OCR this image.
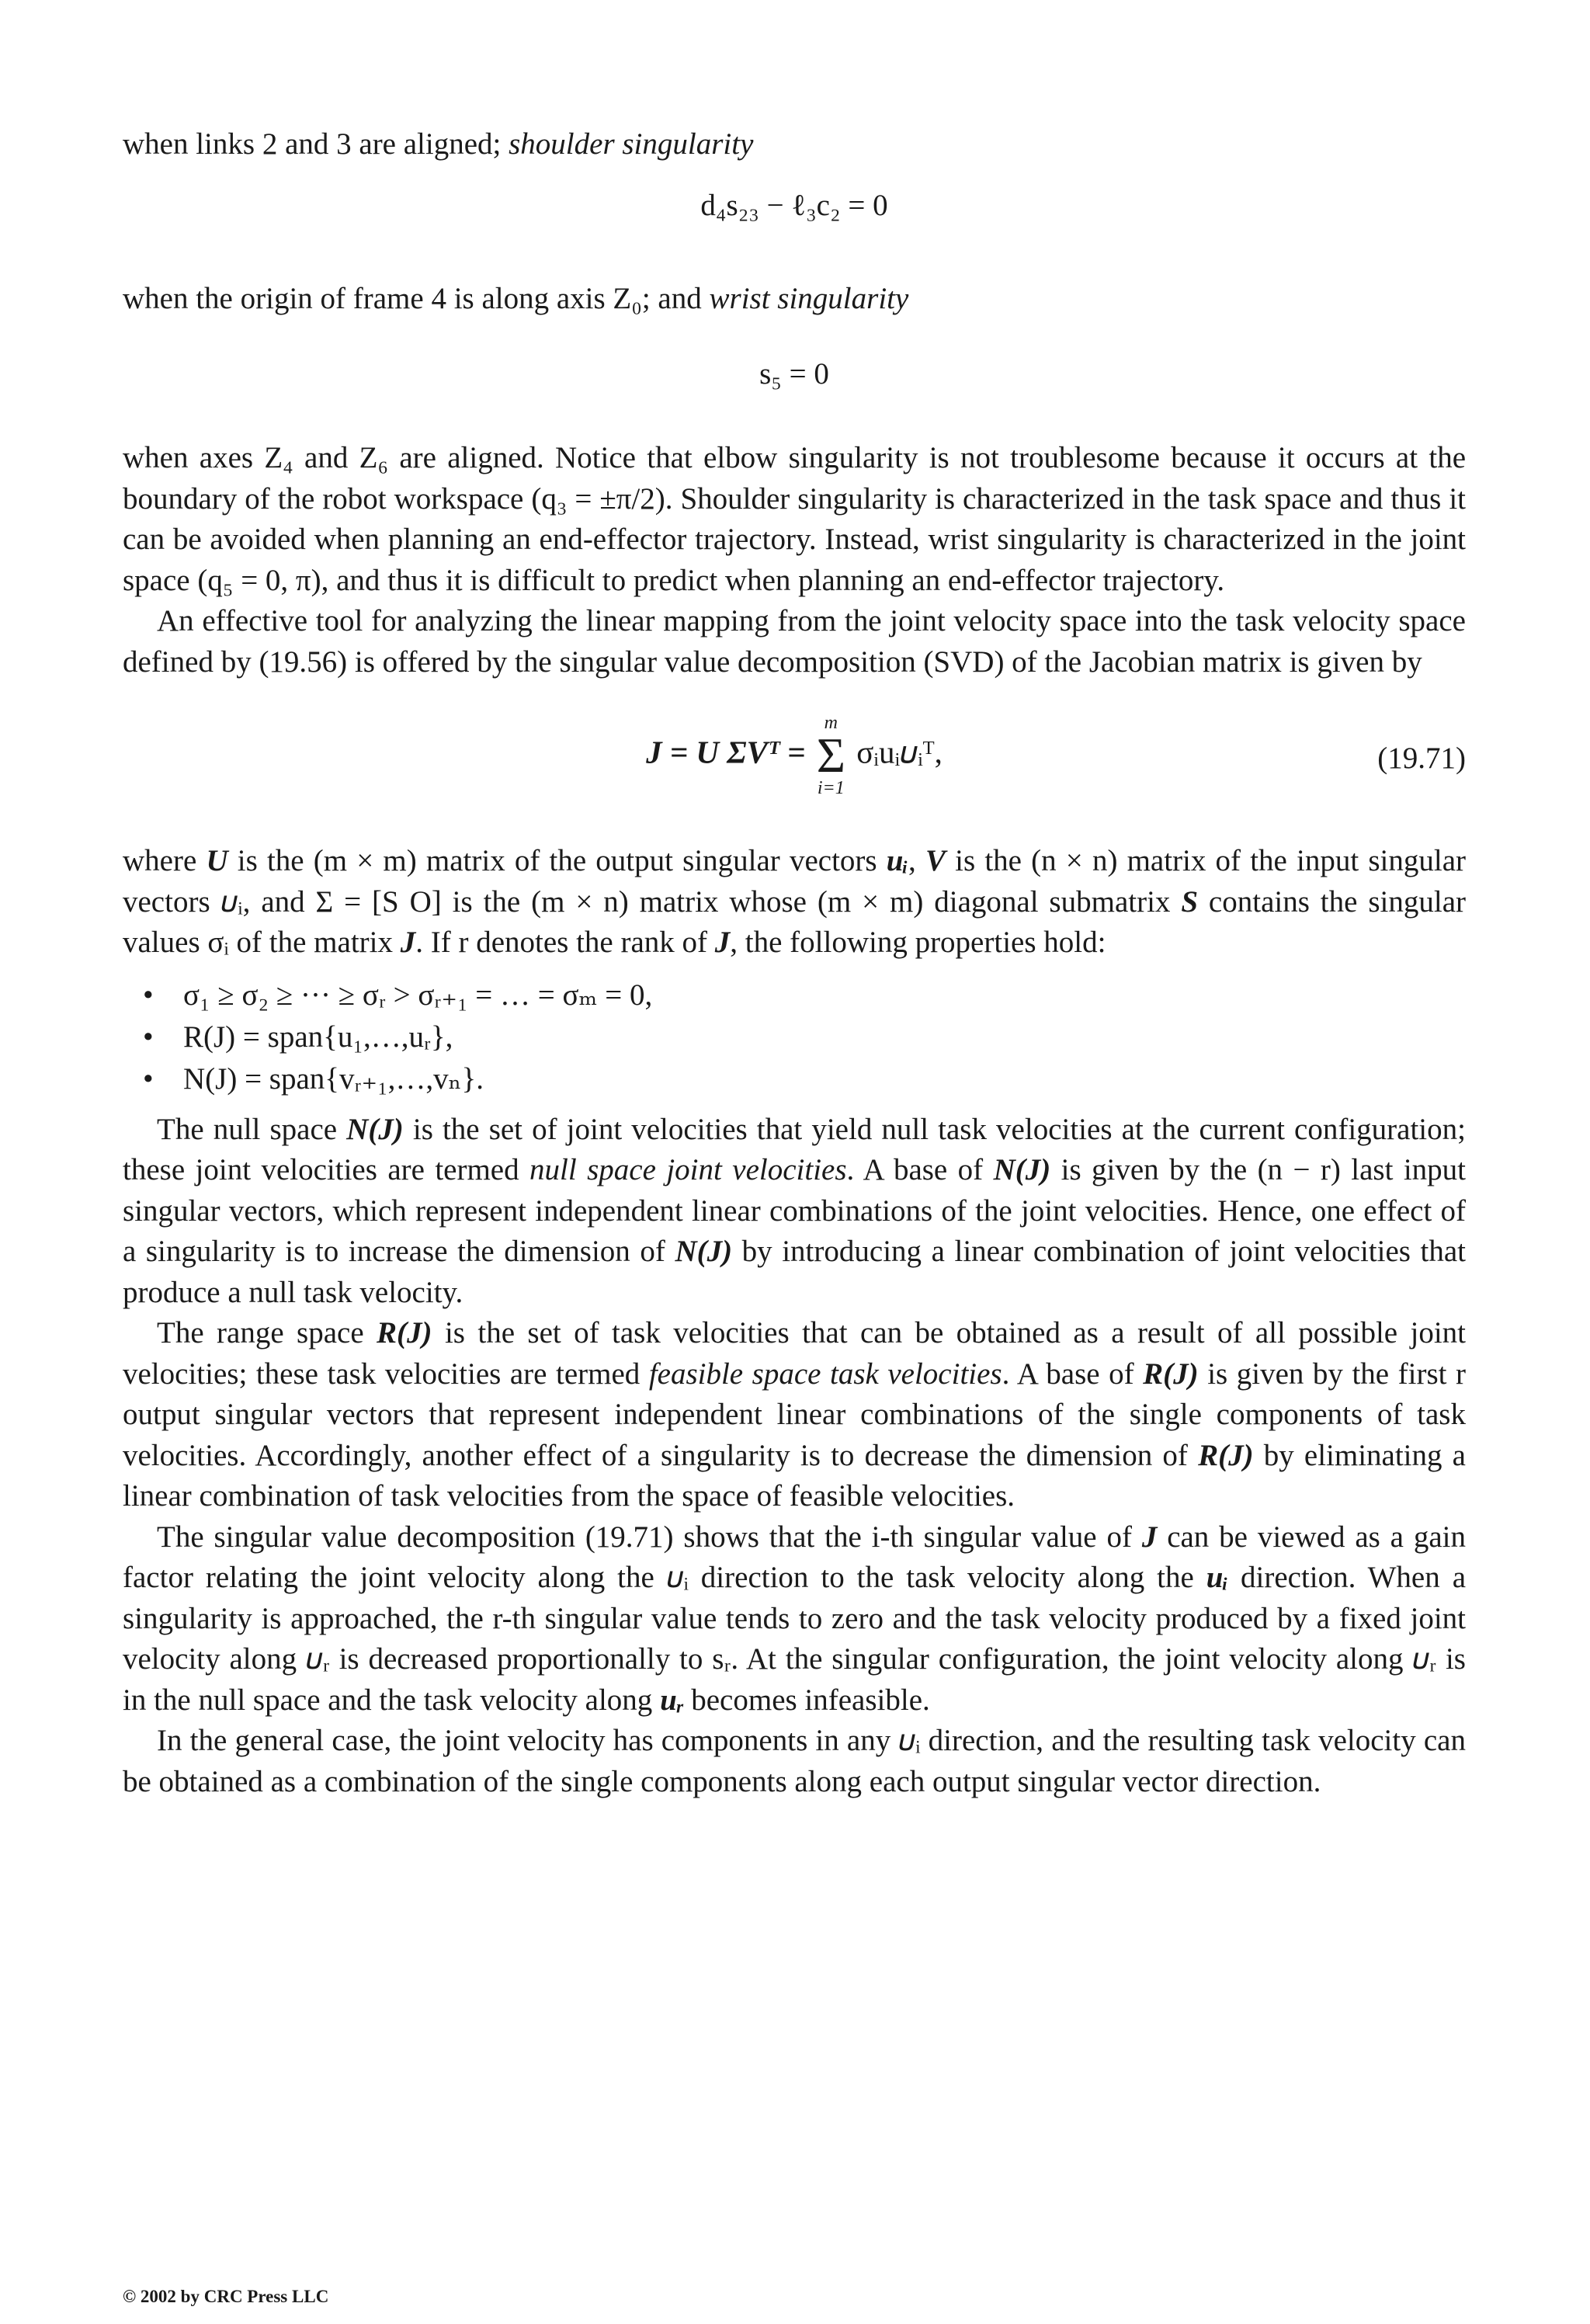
when links 2 and 3 are aligned; shoulder singularity

d₄s₂₃ − ℓ₃c₂ = 0

when the origin of frame 4 is along axis Z₀; and wrist singularity

s₅ = 0

when axes Z₄ and Z₆ are aligned. Notice that elbow singularity is not troublesome because it occurs at the boundary of the robot workspace (q₃ = ±π/2). Shoulder singularity is characterized in the task space and thus it can be avoided when planning an end-effector trajectory. Instead, wrist singularity is characterized in the joint space (q₅ = 0, π), and thus it is difficult to predict when planning an end-effector trajectory.

An effective tool for analyzing the linear mapping from the joint velocity space into the task velocity space defined by (19.56) is offered by the singular value decomposition (SVD) of the Jacobian matrix is given by

J = U ΣVᵀ =
m
Σ
i=1
σᵢuᵢ𝜐ᵢᵀ,	(19.71)

where U is the (m × m) matrix of the output singular vectors uᵢ, V is the (n × n) matrix of the input singular vectors 𝜐ᵢ, and Σ = [S O] is the (m × n) matrix whose (m × m) diagonal submatrix S contains the singular values σᵢ of the matrix J. If r denotes the rank of J, the following properties hold:

• σ₁ ≥ σ₂ ≥ ··· ≥ σᵣ > σᵣ₊₁ = … = σₘ = 0,
• R(J) = span{u₁,…,uᵣ},
• N(J) = span{vᵣ₊₁,…,vₙ}.

The null space N(J) is the set of joint velocities that yield null task velocities at the current configuration; these joint velocities are termed null space joint velocities. A base of N(J) is given by the (n − r) last input singular vectors, which represent independent linear combinations of the joint velocities. Hence, one effect of a singularity is to increase the dimension of N(J) by introducing a linear combination of joint velocities that produce a null task velocity.

The range space R(J) is the set of task velocities that can be obtained as a result of all possible joint velocities; these task velocities are termed feasible space task velocities. A base of R(J) is given by the first r output singular vectors that represent independent linear combinations of the single components of task velocities. Accordingly, another effect of a singularity is to decrease the dimension of R(J) by eliminating a linear combination of task velocities from the space of feasible velocities.

The singular value decomposition (19.71) shows that the i-th singular value of J can be viewed as a gain factor relating the joint velocity along the 𝜐ᵢ direction to the task velocity along the uᵢ direction. When a singularity is approached, the r-th singular value tends to zero and the task velocity produced by a fixed joint velocity along 𝜐ᵣ is decreased proportionally to sᵣ. At the singular configuration, the joint velocity along 𝜐ᵣ is in the null space and the task velocity along uᵣ becomes infeasible.

In the general case, the joint velocity has components in any 𝜐ᵢ direction, and the resulting task velocity can be obtained as a combination of the single components along each output singular vector direction.

© 2002 by CRC Press LLC
